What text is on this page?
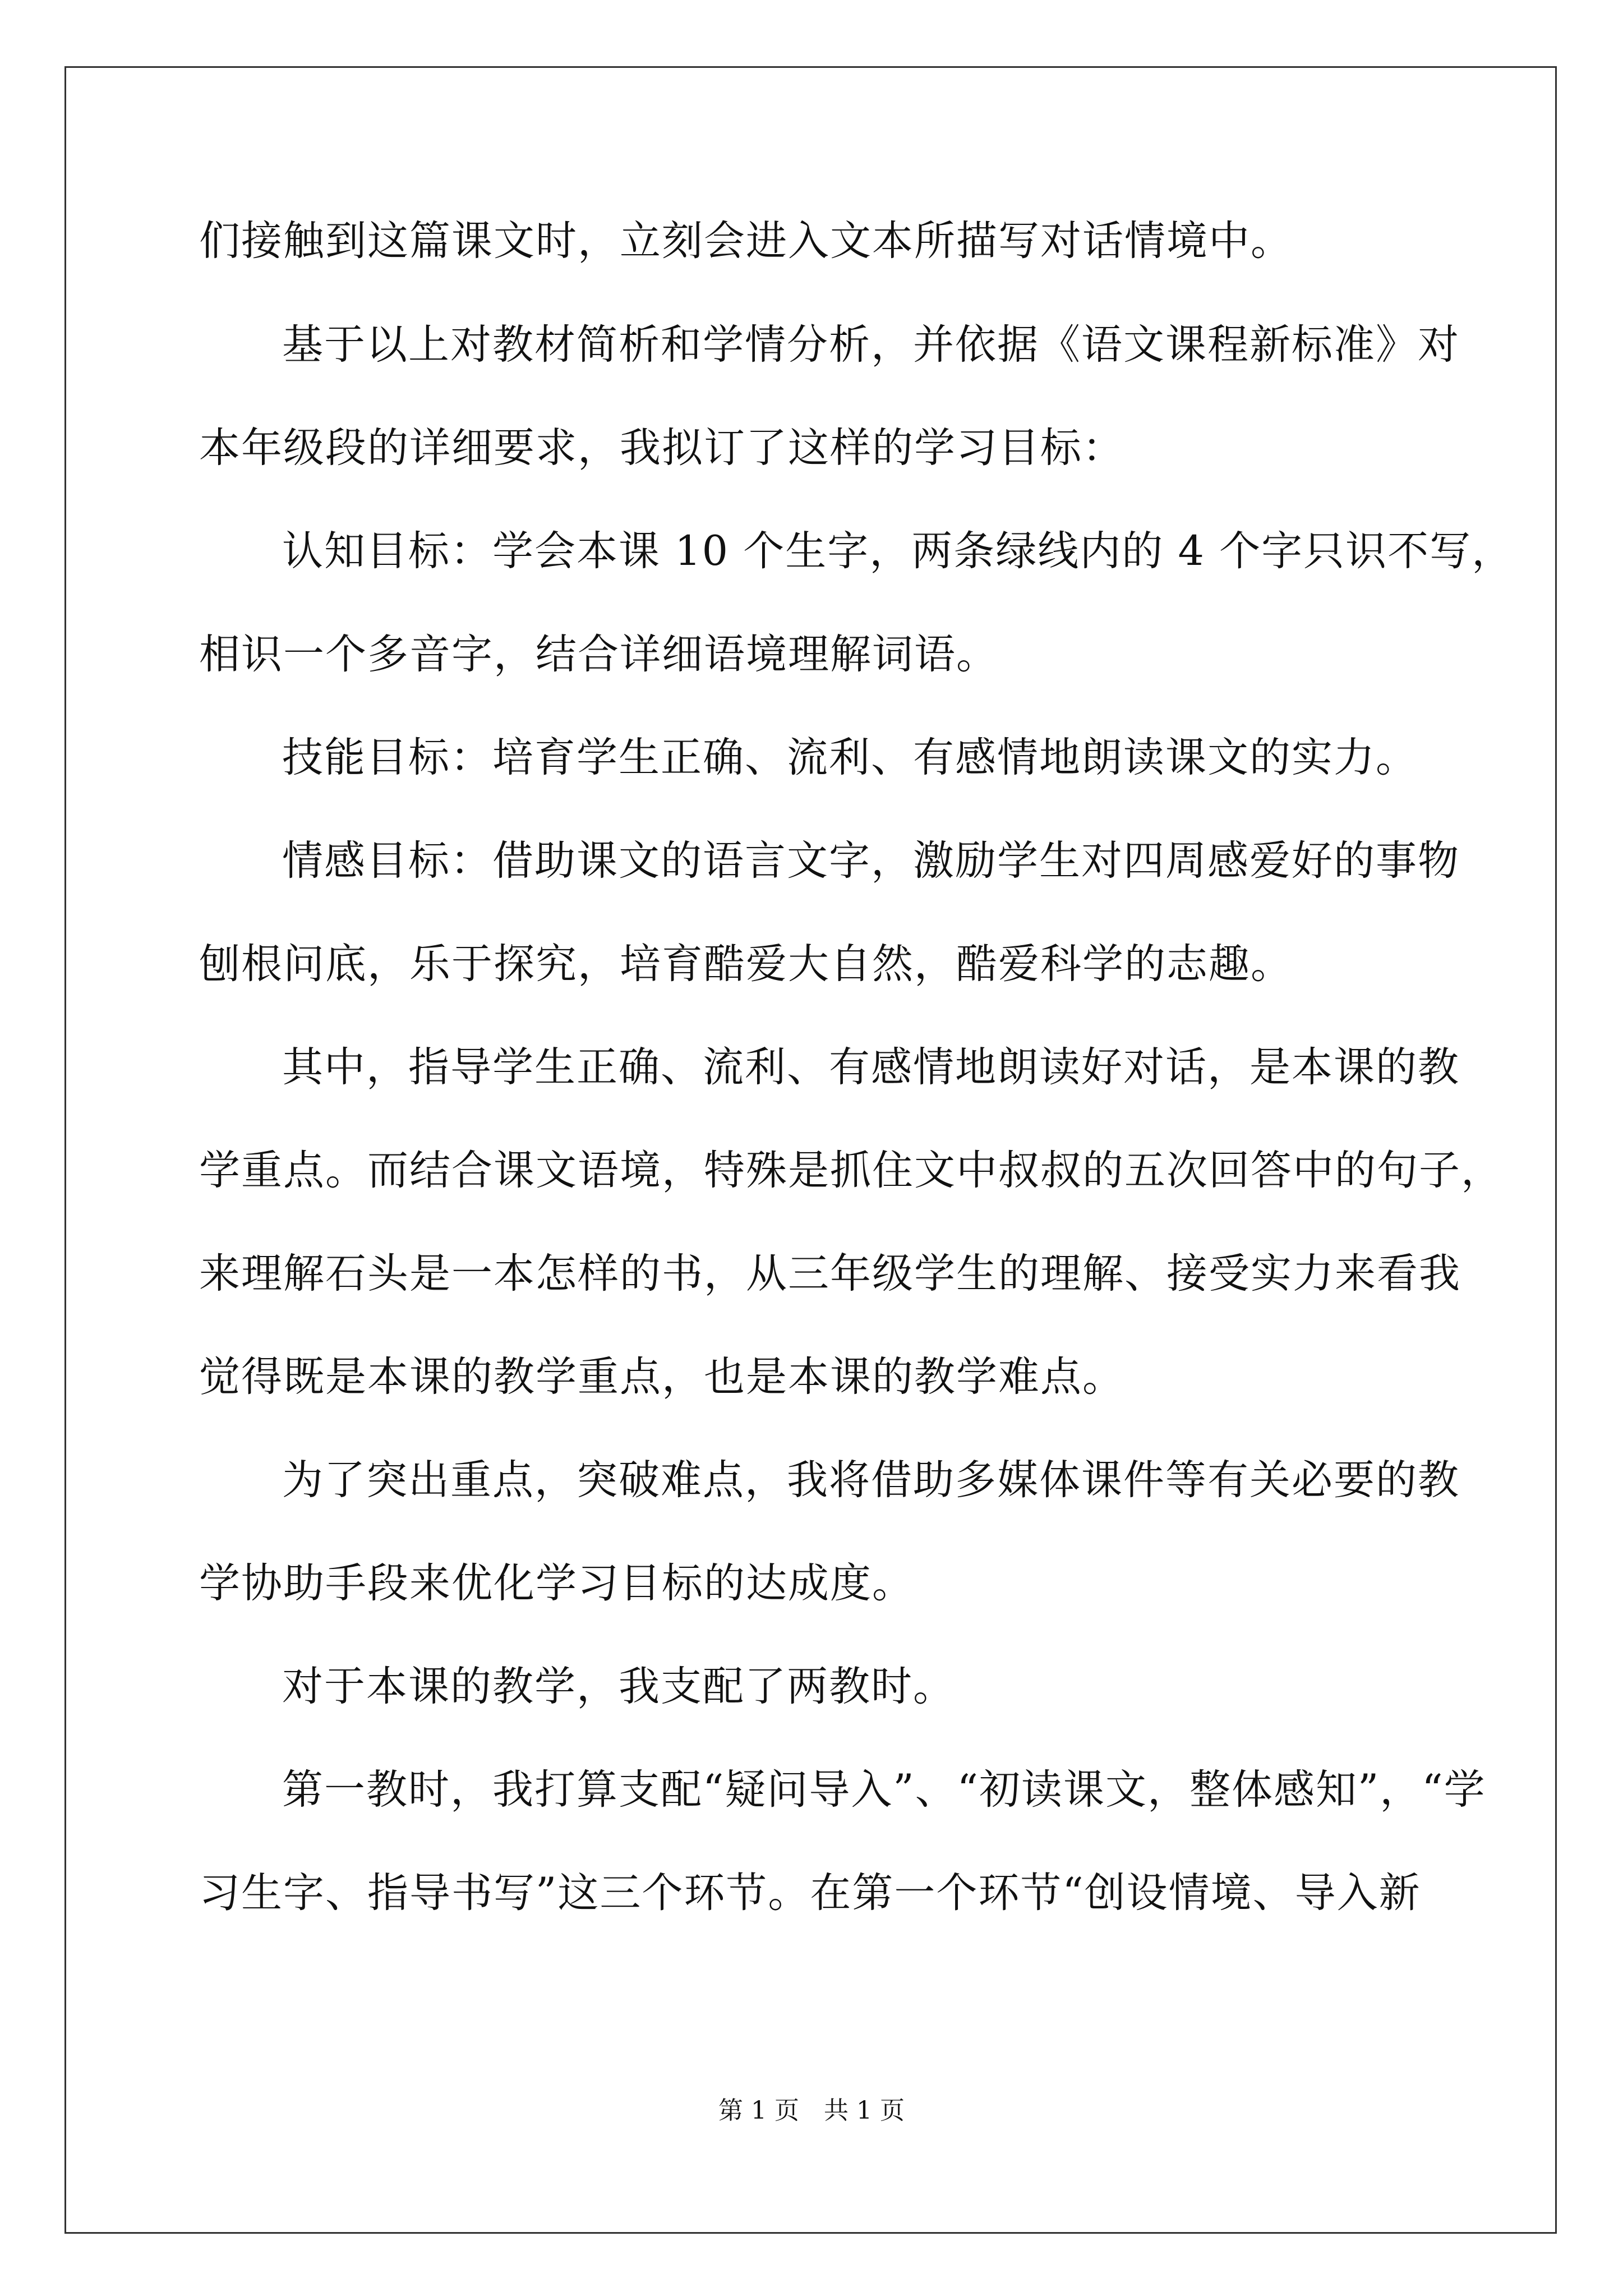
们接触到这篇课文时，立刻会进入文本所描写对话情境中。
基于以上对教材简析和学情分析，并依据《语文课程新标准》对
本年级段的详细要求，我拟订了这样的学习目标：
认知目标：学会本课 10 个生字，两条绿线内的 4 个字只识不写，
相识一个多音字，结合详细语境理解词语。
技能目标：培育学生正确、流利、有感情地朗读课文的实力。
情感目标：借助课文的语言文字，激励学生对四周感爱好的事物
刨根问底，乐于探究，培育酷爱大自然，酷爱科学的志趣。
其中，指导学生正确、流利、有感情地朗读好对话，是本课的教
学重点。而结合课文语境，特殊是抓住文中叔叔的五次回答中的句子，
来理解石头是一本怎样的书，从三年级学生的理解、接受实力来看我
觉得既是本课的教学重点，也是本课的教学难点。
为了突出重点，突破难点，我将借助多媒体课件等有关必要的教
学协助手段来优化学习目标的达成度。
对于本课的教学，我支配了两教时。
第一教时，我打算支配“疑问导入”、“初读课文，整体感知”，“学
习生字、指导书写”这三个环节。在第一个环节“创设情境、导入新
第 1 页　共 1 页
